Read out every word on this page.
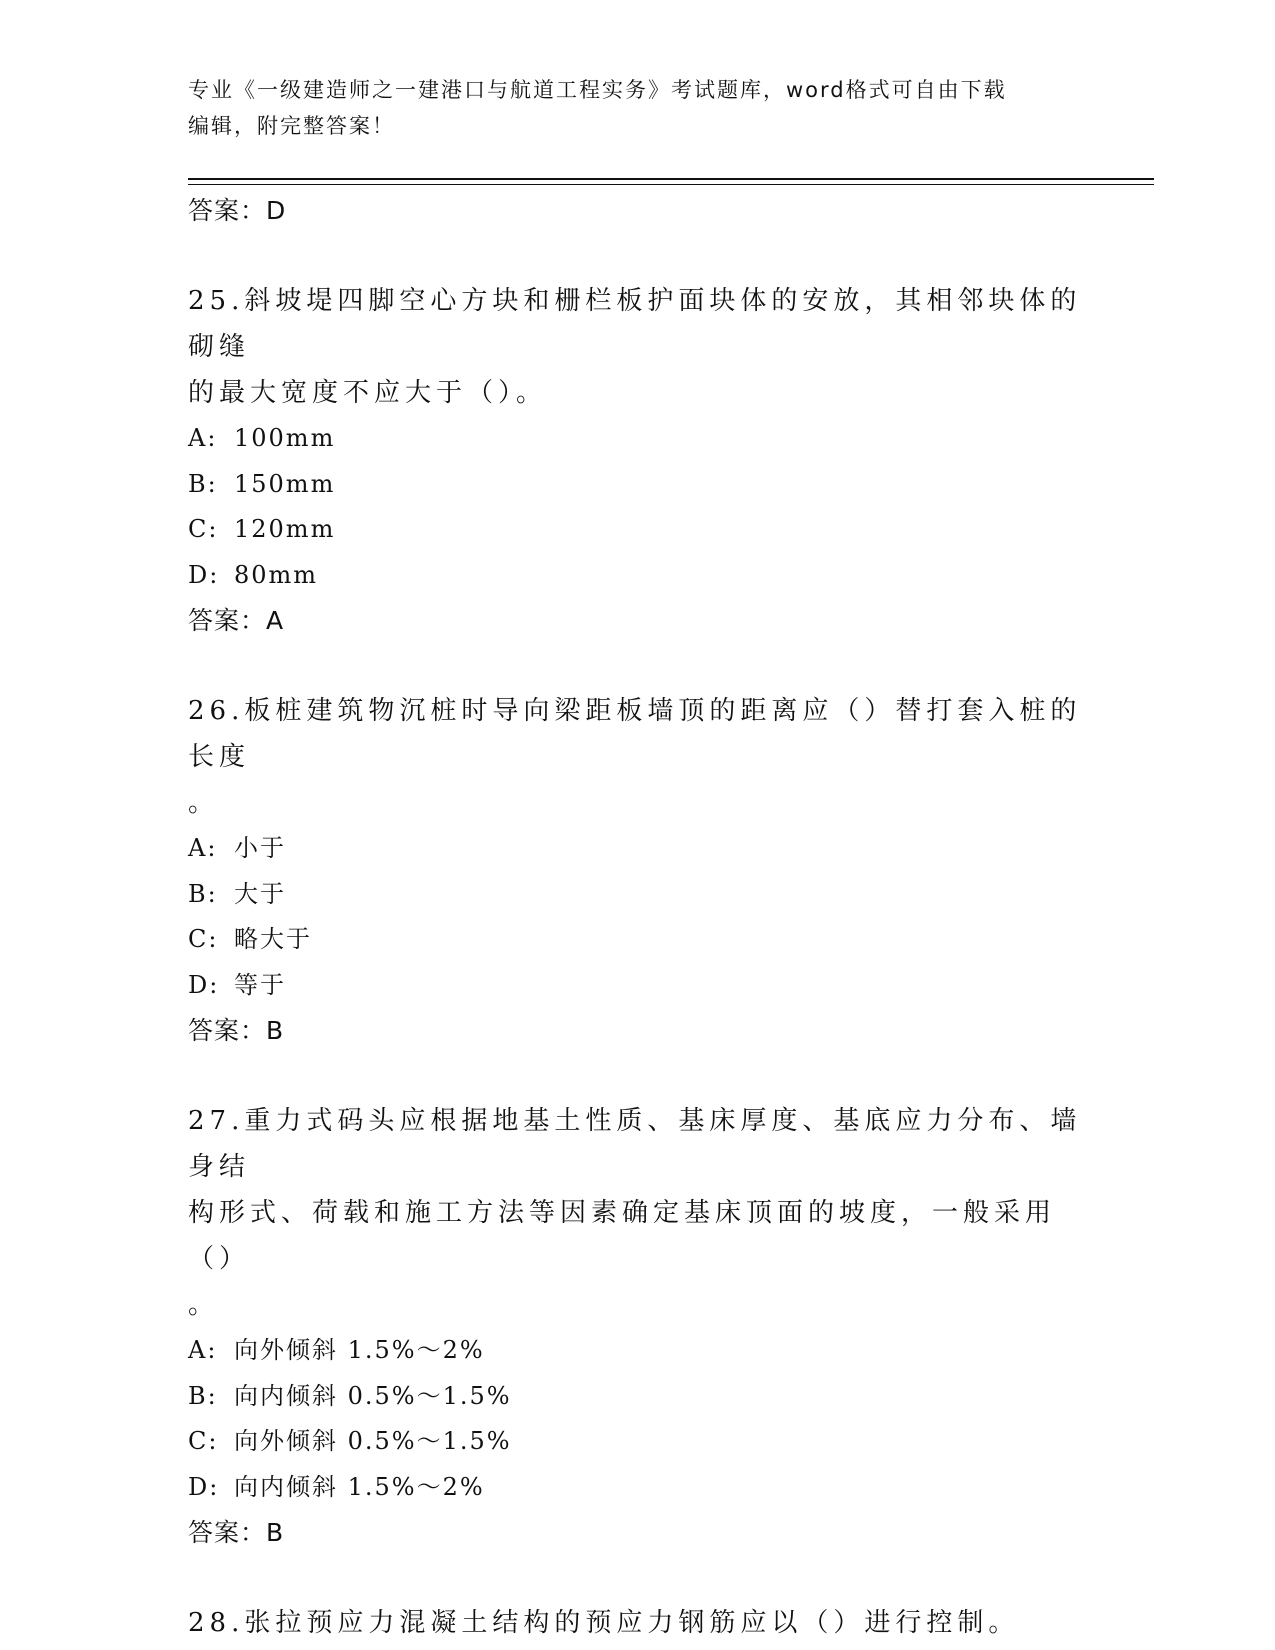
专业《一级建造师之一建港口与航道工程实务》考试题库，word格式可自由下载
编辑，附完整答案！
答案：D
25.斜坡堤四脚空心方块和栅栏板护面块体的安放，其相邻块体的砌缝
的最大宽度不应大于（）。
A: 100mm
B: 150mm
C: 120mm
D: 80mm
答案：A
26.板桩建筑物沉桩时导向梁距板墙顶的距离应（）替打套入桩的长度
。
A: 小于
B: 大于
C: 略大于
D: 等于
答案：B
27.重力式码头应根据地基土性质、基床厚度、基底应力分布、墙身结
构形式、荷载和施工方法等因素确定基床顶面的坡度，一般采用（）
。
A: 向外倾斜 1.5%～2%
B: 向内倾斜 0.5%～1.5%
C: 向外倾斜 0.5%～1.5%
D: 向内倾斜 1.5%～2%
答案：B
28.张拉预应力混凝土结构的预应力钢筋应以（）进行控制。
